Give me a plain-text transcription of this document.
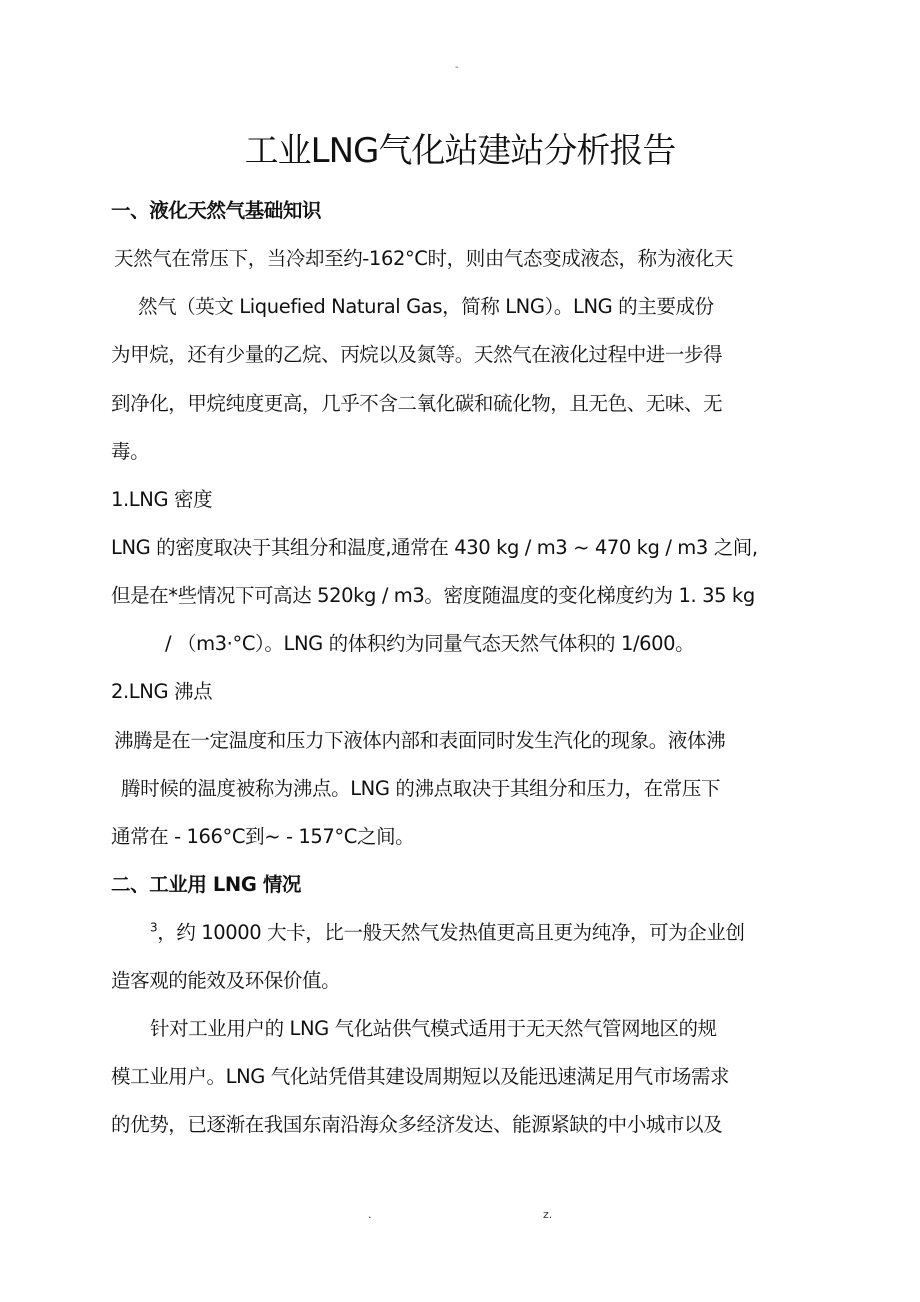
-
工业LNG气化站建站分析报告
一、液化天然气基础知识
天然气在常压下，当冷却至约-162°C时，则由气态变成液态，称为液化天
然气（英文 Liquefied Natural Gas，简称 LNG）。LNG 的主要成份
为甲烷，还有少量的乙烷、丙烷以及氮等。天然气在液化过程中进一步得
到净化，甲烷纯度更高，几乎不含二氧化碳和硫化物，且无色、无味、无
毒。
1.LNG 密度
LNG 的密度取决于其组分和温度,通常在 430 kg / m3 ~ 470 kg / m3 之间,
但是在*些情况下可高达 520kg / m3。密度随温度的变化梯度约为 1. 35 kg
/ （m3·°C）。LNG 的体积约为同量气态天然气体积的 1/600。
2.LNG 沸点
沸腾是在一定温度和压力下液体内部和表面同时发生汽化的现象。液体沸
腾时候的温度被称为沸点。LNG 的沸点取决于其组分和压力，在常压下
通常在 - 166°C到~ - 157°C之间。
二、工业用 LNG 情况
$^3$，约 10000 大卡，比一般天然气发热值更高且更为纯净，可为企业创
造客观的能效及环保价值。
针对工业用户的 LNG 气化站供气模式适用于无天然气管网地区的规
模工业用户。LNG 气化站凭借其建设周期短以及能迅速满足用气市场需求
的优势，已逐渐在我国东南沿海众多经济发达、能源紧缺的中小城市以及
.	z.
